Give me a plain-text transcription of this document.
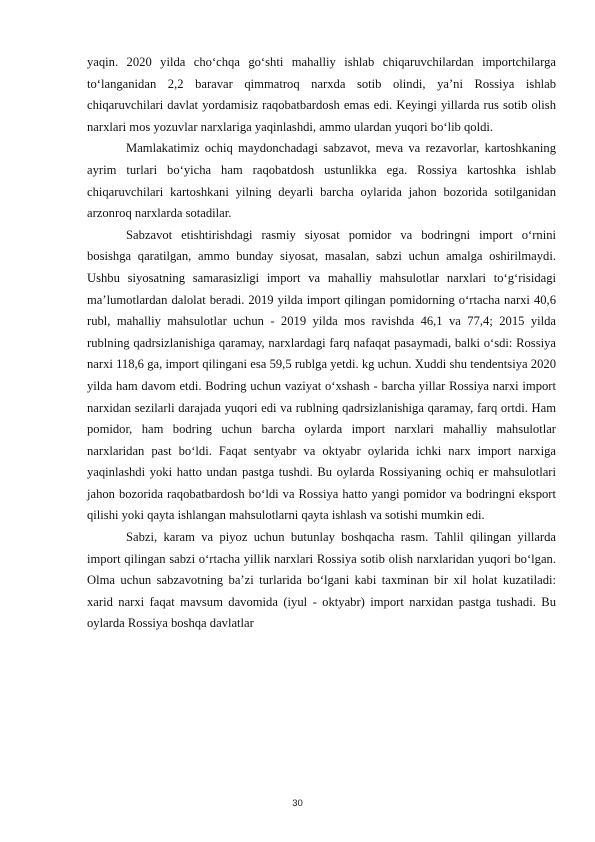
yaqin. 2020 yilda cho‘chqa go‘shti mahalliy ishlab chiqaruvchilardan importchilarga to‘langanidan 2,2 baravar qimmatroq narxda sotib olindi, ya’ni Rossiya ishlab chiqaruvchilari davlat yordamisiz raqobatbardosh emas edi. Keyingi yillarda rus sotib olish narxlari mos yozuvlar narxlariga yaqinlashdi, ammo ulardan yuqori bo‘lib qoldi.

Mamlakatimiz ochiq maydonchadagi sabzavot, meva va rezavorlar, kartoshkaning ayrim turlari bo‘yicha ham raqobatdosh ustunlikka ega. Rossiya kartoshka ishlab chiqaruvchilari kartoshkani yilning deyarli barcha oylarida jahon bozorida sotilganidan arzonroq narxlarda sotadilar.

Sabzavot etishtirishdagi rasmiy siyosat pomidor va bodringni import o‘rnini bosishga qaratilgan, ammo bunday siyosat, masalan, sabzi uchun amalga oshirilmaydi. Ushbu siyosatning samarasizligi import va mahalliy mahsulotlar narxlari to‘g‘risidagi ma’lumotlardan dalolat beradi. 2019 yilda import qilingan pomidorning o‘rtacha narxi 40,6 rubl, mahalliy mahsulotlar uchun - 2019 yilda mos ravishda 46,1 va 77,4; 2015 yilda rublning qadrsizlanishiga qaramay, narxlardagi farq nafaqat pasaymadi, balki o‘sdi: Rossiya narxi 118,6 ga, import qilingani esa 59,5 rublga yetdi. kg uchun. Xuddi shu tendentsiya 2020 yilda ham davom etdi. Bodring uchun vaziyat o‘xshash - barcha yillar Rossiya narxi import narxidan sezilarli darajada yuqori edi va rublning qadrsizlanishiga qaramay, farq ortdi. Ham pomidor, ham bodring uchun barcha oylarda import narxlari mahalliy mahsulotlar narxlaridan past bo‘ldi. Faqat sentyabr va oktyabr oylarida ichki narx import narxiga yaqinlashdi yoki hatto undan pastga tushdi. Bu oylarda Rossiyaning ochiq er mahsulotlari jahon bozorida raqobatbardosh bo‘ldi va Rossiya hatto yangi pomidor va bodringni eksport qilishi yoki qayta ishlangan mahsulotlarni qayta ishlash va sotishi mumkin edi.

Sabzi, karam va piyoz uchun butunlay boshqacha rasm. Tahlil qilingan yillarda import qilingan sabzi o‘rtacha yillik narxlari Rossiya sotib olish narxlaridan yuqori bo‘lgan. Olma uchun sabzavotning ba’zi turlarida bo‘lgani kabi taxminan bir xil holat kuzatiladi: xarid narxi faqat mavsum davomida (iyul - oktyabr) import narxidan pastga tushadi. Bu oylarda Rossiya boshqa davlatlar

30
